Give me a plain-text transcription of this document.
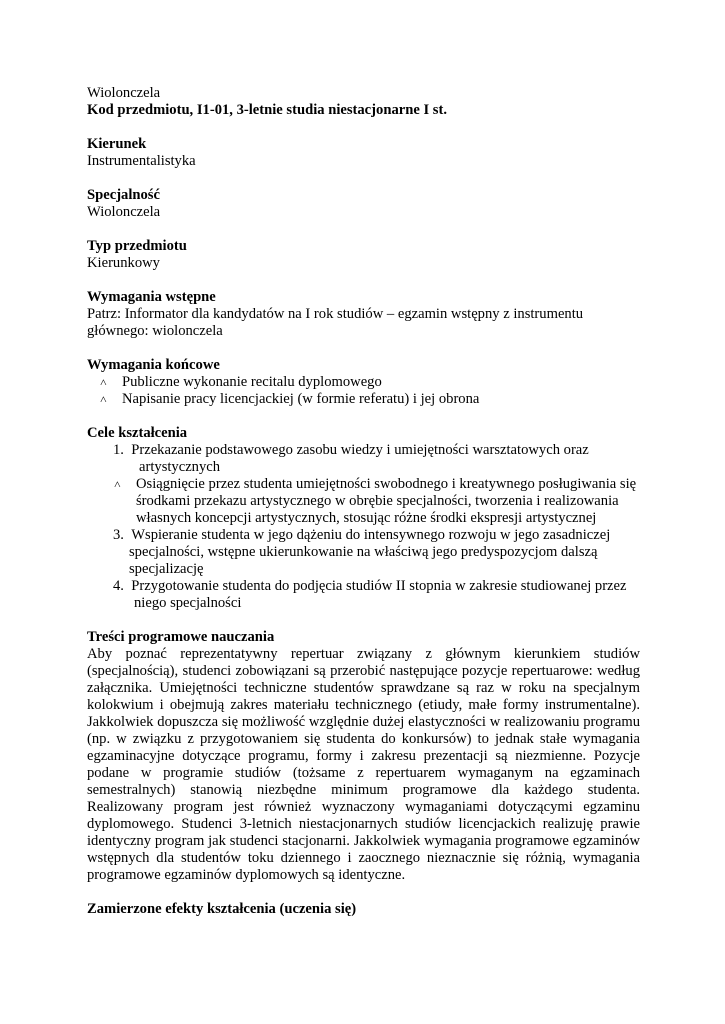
Wiolonczela

Kod przedmiotu, I1-01, 3-letnie studia niestacjonarne I st.

Kierunek

Instrumentalistyka

Specjalność

Wiolonczela

Typ przedmiotu

Kierunkowy

Wymagania wstępne

Patrz: Informator dla kandydatów na I rok studiów – egzamin wstępny z instrumentu

głównego: wiolonczela

Wymagania końcowe

˄ Publiczne wykonanie recitalu dyplomowego
˄ Napisanie pracy licencjackiej (w formie referatu) i jej obrona

Cele kształcenia

1. Przekazanie podstawowego zasobu wiedzy i umiejętności warsztatowych oraz

artystycznych

˄ Osiągnięcie przez studenta umiejętności swobodnego i kreatywnego posługiwania się

środkami przekazu artystycznego w obrębie specjalności, tworzenia i realizowania

własnych koncepcji artystycznych, stosując różne środki ekspresji artystycznej

3. Wspieranie studenta w jego dążeniu do intensywnego rozwoju w jego zasadniczej

specjalności, wstępne ukierunkowanie na właściwą jego predyspozycjom dalszą

specjalizację

4. Przygotowanie studenta do podjęcia studiów II stopnia w zakresie studiowanej przez

niego specjalności

Treści programowe nauczania

Aby poznać reprezentatywny repertuar związany z głównym kierunkiem studiów

(specjalnością), studenci zobowiązani są przerobić następujące pozycje repertuarowe: według

załącznika. Umiejętności techniczne studentów sprawdzane są raz w roku na specjalnym

kolokwium i obejmują zakres materiału technicznego (etiudy, małe formy instrumentalne).

Jakkolwiek dopuszcza się możliwość względnie dużej elastyczności w realizowaniu programu

(np. w związku z przygotowaniem się studenta do konkursów) to jednak stałe wymagania

egzaminacyjne dotyczące programu, formy i zakresu prezentacji są niezmienne. Pozycje

podane w programie studiów (tożsame z repertuarem wymaganym na egzaminach

semestralnych) stanowią niezbędne minimum programowe dla każdego studenta.

Realizowany program jest również wyznaczony wymaganiami dotyczącymi egzaminu

dyplomowego. Studenci 3-letnich niestacjonarnych studiów licencjackich realizuję prawie

identyczny program jak studenci stacjonarni. Jakkolwiek wymagania programowe egzaminów

wstępnych dla studentów toku dziennego i zaocznego nieznacznie się różnią, wymagania

programowe egzaminów dyplomowych są identyczne.

Zamierzone efekty kształcenia (uczenia się)
